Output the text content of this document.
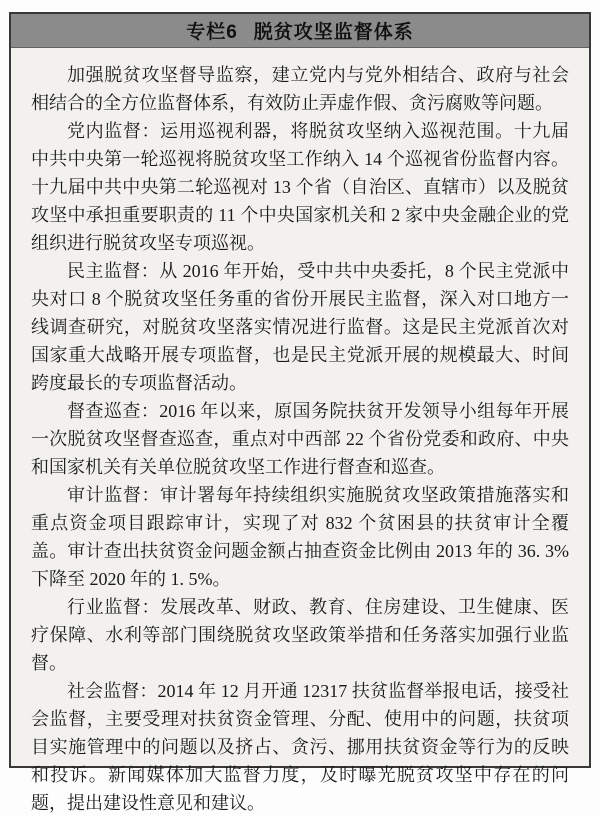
专栏6 脱贫攻坚监督体系

加强脱贫攻坚督导监察，建立党内与党外相结合、政府与社会相结合的全方位监督体系，有效防止弄虚作假、贪污腐败等问题。

党内监督：运用巡视利器，将脱贫攻坚纳入巡视范围。十九届中共中央第一轮巡视将脱贫攻坚工作纳入 14 个巡视省份监督内容。十九届中共中央第二轮巡视对 13 个省（自治区、直辖市）以及脱贫攻坚中承担重要职责的 11 个中央国家机关和 2 家中央金融企业的党组织进行脱贫攻坚专项巡视。

民主监督：从 2016 年开始，受中共中央委托，8 个民主党派中央对口 8 个脱贫攻坚任务重的省份开展民主监督，深入对口地方一线调查研究，对脱贫攻坚落实情况进行监督。这是民主党派首次对国家重大战略开展专项监督，也是民主党派开展的规模最大、时间跨度最长的专项监督活动。

督查巡查：2016 年以来，原国务院扶贫开发领导小组每年开展一次脱贫攻坚督查巡查，重点对中西部 22 个省份党委和政府、中央和国家机关有关单位脱贫攻坚工作进行督查和巡查。

审计监督：审计署每年持续组织实施脱贫攻坚政策措施落实和重点资金项目跟踪审计，实现了对 832 个贫困县的扶贫审计全覆盖。审计查出扶贫资金问题金额占抽查资金比例由 2013 年的 36. 3%下降至 2020 年的 1. 5%。

行业监督：发展改革、财政、教育、住房建设、卫生健康、医疗保障、水利等部门围绕脱贫攻坚政策举措和任务落实加强行业监督。

社会监督：2014 年 12 月开通 12317 扶贫监督举报电话，接受社会监督，主要受理对扶贫资金管理、分配、使用中的问题，扶贫项目实施管理中的问题以及挤占、贪污、挪用扶贫资金等行为的反映和投诉。新闻媒体加大监督力度，及时曝光脱贫攻坚中存在的问题，提出建设性意见和建议。
